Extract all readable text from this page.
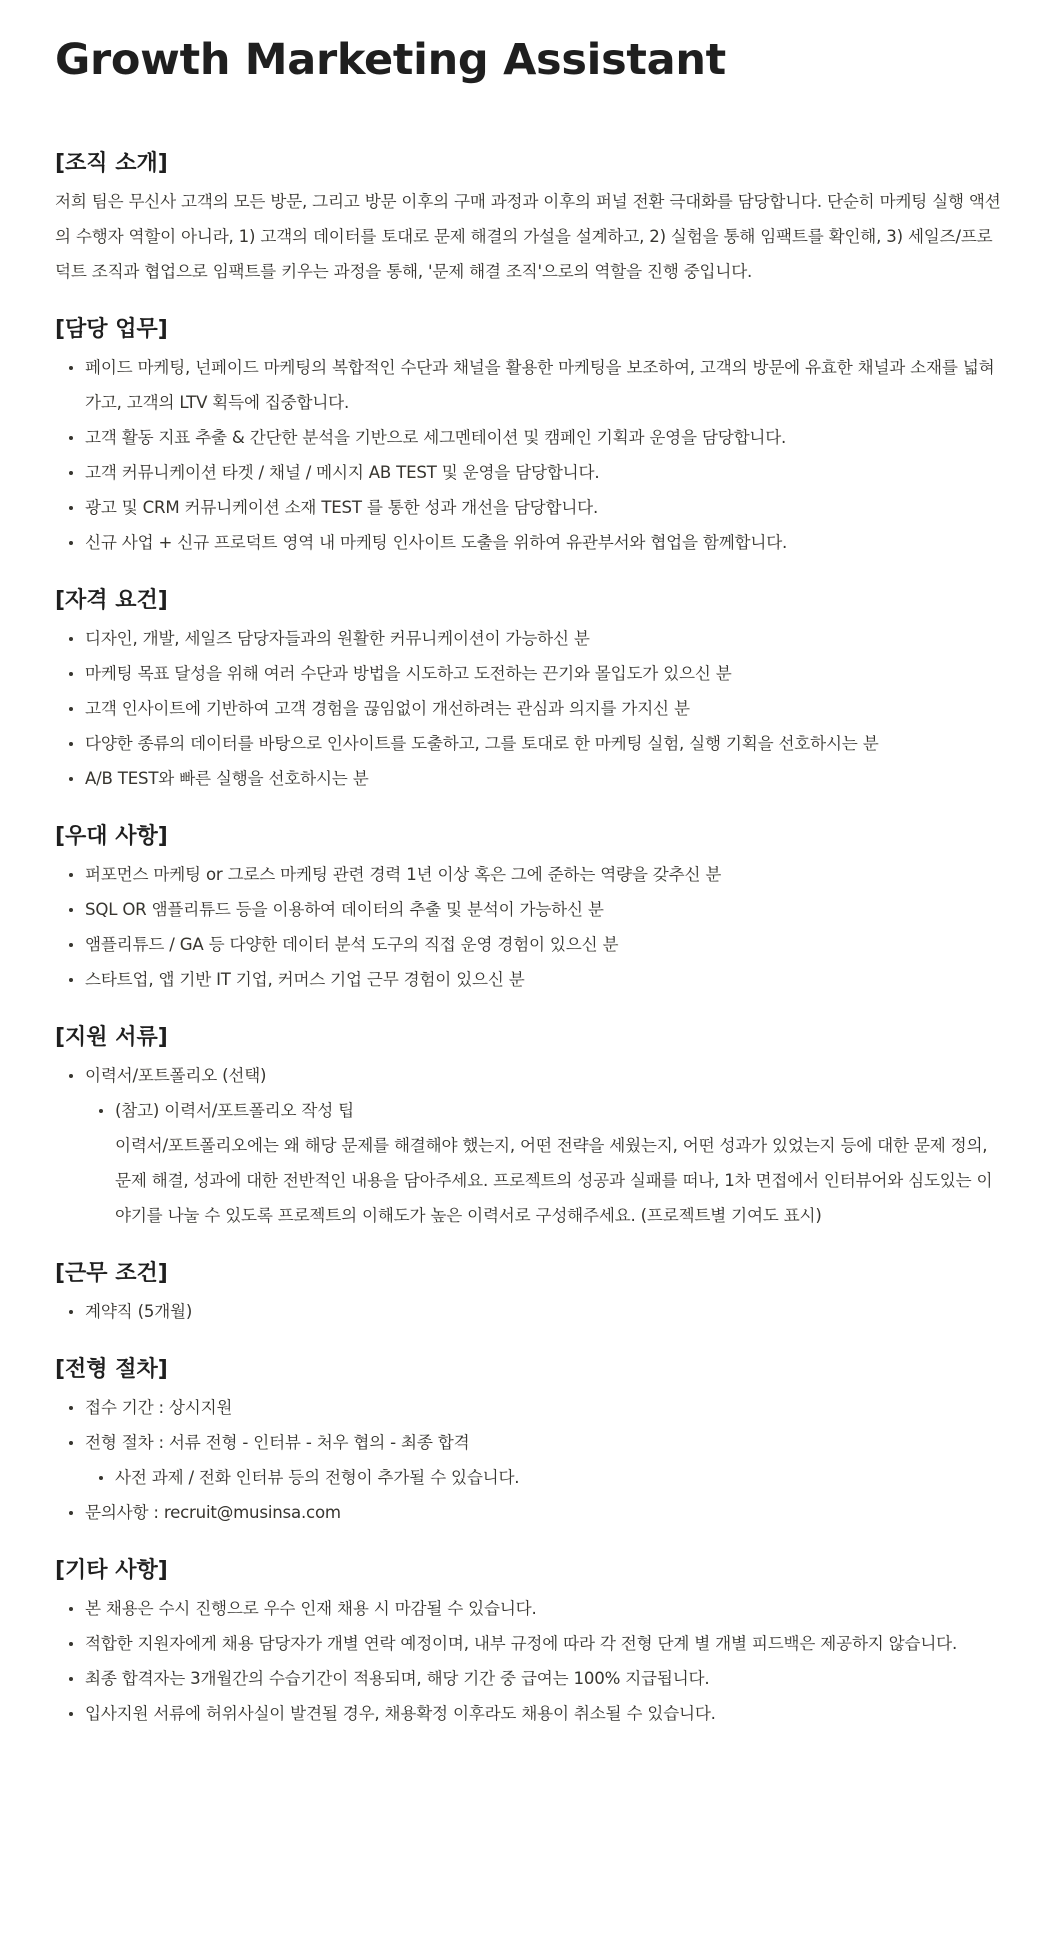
Growth Marketing Assistant
[조직 소개]

저희 팀은 무신사 고객의 모든 방문, 그리고 방문 이후의 구매 과정과 이후의 퍼널 전환 극대화를 담당합니다. 단순히 마케팅 실행 액션의 수행자 역할이 아니라, 1) 고객의 데이터를 토대로 문제 해결의 가설을 설계하고, 2) 실험을 통해 임팩트를 확인해, 3) 세일즈/프로덕트 조직과 협업으로 임팩트를 키우는 과정을 통해, '문제 해결 조직'으로의 역할을 진행 중입니다.

[담당 업무]
페이드 마케팅, 넌페이드 마케팅의 복합적인 수단과 채널을 활용한 마케팅을 보조하여, 고객의 방문에 유효한 채널과 소재를 넓혀가고, 고객의 LTV 획득에 집중합니다.
고객 활동 지표 추출 & 간단한 분석을 기반으로 세그멘테이션 및 캠페인 기획과 운영을 담당합니다.
고객 커뮤니케이션 타겟 / 채널 / 메시지 AB TEST 및 운영을 담당합니다.
광고 및 CRM 커뮤니케이션 소재 TEST 를 통한 성과 개선을 담당합니다.
신규 사업 + 신규 프로덕트 영역 내 마케팅 인사이트 도출을 위하여 유관부서와 협업을 함께합니다.
[자격 요건]
디자인, 개발, 세일즈 담당자들과의 원활한 커뮤니케이션이 가능하신 분
마케팅 목표 달성을 위해 여러 수단과 방법을 시도하고 도전하는 끈기와 몰입도가 있으신 분
고객 인사이트에 기반하여 고객 경험을 끊임없이 개선하려는 관심과 의지를 가지신 분
다양한 종류의 데이터를 바탕으로 인사이트를 도출하고, 그를 토대로 한 마케팅 실험, 실행 기획을 선호하시는 분
A/B TEST와 빠른 실행을 선호하시는 분
[우대 사항]
퍼포먼스 마케팅 or 그로스 마케팅 관련 경력 1년 이상 혹은 그에 준하는 역량을 갖추신 분
SQL OR 앰플리튜드 등을 이용하여 데이터의 추출 및 분석이 가능하신 분
앰플리튜드 / GA 등 다양한 데이터 분석 도구의 직접 운영 경험이 있으신 분
스타트업, 앱 기반 IT 기업, 커머스 기업 근무 경험이 있으신 분
[지원 서류]
이력서/포트폴리오 (선택)
(참고) 이력서/포트폴리오 작성 팁
이력서/포트폴리오에는 왜 해당 문제를 해결해야 했는지, 어떤 전략을 세웠는지, 어떤 성과가 있었는지 등에 대한 문제 정의, 문제 해결, 성과에 대한 전반적인 내용을 담아주세요. 프로젝트의 성공과 실패를 떠나, 1차 면접에서 인터뷰어와 심도있는 이야기를 나눌 수 있도록 프로젝트의 이해도가 높은 이력서로 구성해주세요. (프로젝트별 기여도 표시)
[근무 조건]
계약직 (5개월)
[전형 절차]
접수 기간 : 상시지원
전형 절차 : 서류 전형 - 인터뷰 - 처우 협의 - 최종 합격
사전 과제 / 전화 인터뷰 등의 전형이 추가될 수 있습니다.
문의사항 : recruit@musinsa.com
[기타 사항]
본 채용은 수시 진행으로 우수 인재 채용 시 마감될 수 있습니다.
적합한 지원자에게 채용 담당자가 개별 연락 예정이며, 내부 규정에 따라 각 전형 단계 별 개별 피드백은 제공하지 않습니다.
최종 합격자는 3개월간의 수습기간이 적용되며, 해당 기간 중 급여는 100% 지급됩니다.
입사지원 서류에 허위사실이 발견될 경우, 채용확정 이후라도 채용이 취소될 수 있습니다.
